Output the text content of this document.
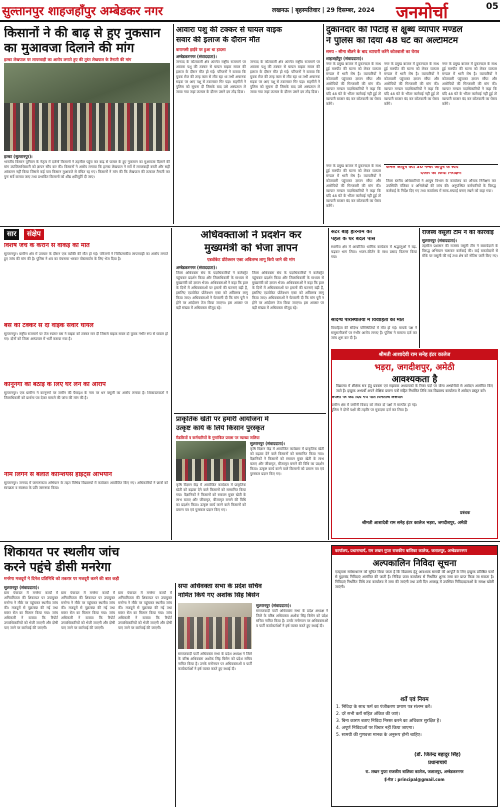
सुल्तानपुर शाहजहाँपुर अम्बेडकर नगर	लखनऊ | बृहस्पतिवार | 29 दिसम्बर, 2024 जनमोर्चा	05
किसानों ने की बाढ़ से हुए नुकसान
का मुआवजा दिलाने की मांग
हल्का लेखपाल पर लापरवाही का आरोप लगाते हुए की तुरंत लेखपाल के तैनाती की मांग
हल्का (सुल्तानपुर)।
भारतीय किसान यूनियन के नेतृत्व में दर्जनों किसानों ने तहसील पहुंच कर बाढ़ से फसल के हुए नुकसान का मुआवजा दिलाने की मांग उपजिलाधिकारी को ज्ञापन सौंप कर की। किसानों ने आरोप लगाया कि हल्का लेखपाल ने सर्वे में लापरवाही बरती और सही आंकलन नहीं किया जिससे कई पात्र किसान मुआवजे से वंचित रह गए। किसानों ने मांग की कि लेखपाल की तत्काल तैनाती कर पुनः सर्वे कराया जाए तथा प्रभावित किसानों को शीघ्र क्षतिपूर्ति दी जाए।
आवारा पशु की टक्कर से घायल वाइक
सवार की इलाज के दौरान मौत
वाराणसी हाईवे पर हुआ था हादसा
अम्बेडकरनगर (संवाददाता)।
जनपद के कोतवाली क्षेत्र अंतर्गत राष्ट्रीय राजमार्ग पर आवारा पशु की टक्कर से घायल बाइक सवार की इलाज के दौरान मौत हो गई। परिजनों ने बताया कि युवक रोज की तरह काम से लौट रहा था तभी अचानक सड़क पर आए पशु से टकराकर गिर पड़ा। राहगीरों ने पुलिस को सूचना दी जिसके बाद उसे अस्पताल ले जाया गया जहां उपचार के दौरान उसने दम तोड़ दिया।
जनपद के कोतवाली क्षेत्र अंतर्गत राष्ट्रीय राजमार्ग पर आवारा पशु की टक्कर से घायल बाइक सवार की इलाज के दौरान मौत हो गई। परिजनों ने बताया कि युवक रोज की तरह काम से लौट रहा था तभी अचानक सड़क पर आए पशु से टकराकर गिर पड़ा। राहगीरों ने पुलिस को सूचना दी जिसके बाद उसे अस्पताल ले जाया गया जहां उपचार के दौरान उसने दम तोड़ दिया।
दुकानदार की पिटाई से क्षुब्ध व्यापार मण्डल
ने पुलिस को दिया 48 घंटे का अल्टीमेटम
समय - सीमा बीतने के बाद व्यापारी करेंगे कोतवाली का घेराव
शाहजहाँपुर (संवाददाता)।
नगर के प्रमुख बाजार में दुकानदार के साथ हुई मारपीट की घटना को लेकर व्यापार मण्डल में भारी रोष है। व्यापारियों ने कोतवाली पहुंचकर ज्ञापन सौंपा और आरोपियों की गिरफ्तारी की मांग की। व्यापार मण्डल पदाधिकारियों ने कहा कि यदि 48 घंटे के भीतर कार्रवाई नहीं हुई तो व्यापारी बाजार बंद कर कोतवाली का घेराव करेंगे।
नगर के प्रमुख बाजार में दुकानदार के साथ हुई मारपीट की घटना को लेकर व्यापार मण्डल में भारी रोष है। व्यापारियों ने कोतवाली पहुंचकर ज्ञापन सौंपा और आरोपियों की गिरफ्तारी की मांग की। व्यापार मण्डल पदाधिकारियों ने कहा कि यदि 48 घंटे के भीतर कार्रवाई नहीं हुई तो व्यापारी बाजार बंद कर कोतवाली का घेराव करेंगे।
नगर के प्रमुख बाजार में दुकानदार के साथ हुई मारपीट की घटना को लेकर व्यापार मण्डल में भारी रोष है। व्यापारियों ने कोतवाली पहुंचकर ज्ञापन सौंपा और आरोपियों की गिरफ्तारी की मांग की। व्यापार मण्डल पदाधिकारियों ने कहा कि यदि 48 घंटे के भीतर कार्रवाई नहीं हुई तो व्यापारी बाजार बंद कर कोतवाली का घेराव करेंगे।
कमल आयुष क्यों 30 नम्बर आयुष के स्वयं
दफ्तर का किया निरीक्षण
जिला स्तरीय अधिकारियों ने आयुष विभाग के कार्यालय का औचक निरीक्षण कर उपस्थिति पंजिका व अभिलेखों की जांच की। अनुपस्थित कर्मचारियों के विरुद्ध कार्रवाई के निर्देश दिए गए तथा कार्यालय में साफ-सफाई बनाए रखने को कहा गया।
नगर के प्रमुख बाजार में दुकानदार के साथ हुई मारपीट की घटना को लेकर व्यापार मण्डल में भारी रोष है। व्यापारियों ने कोतवाली पहुंचकर ज्ञापन सौंपा और आरोपियों की गिरफ्तारी की मांग की। व्यापार मण्डल पदाधिकारियों ने कहा कि यदि 48 घंटे के भीतर कार्रवाई नहीं हुई तो व्यापारी बाजार बंद कर कोतवाली का घेराव करेंगे।
सार	संक्षेप
विशेष जंच के कराने से वाकई की मौत
सुल्तानपुर। ग्रामीण क्षेत्र में उपचार के दौरान एक व्यक्ति की मौत हो गई। परिजनों ने चिकित्सकीय लापरवाही का आरोप लगाते हुए जांच की मांग की है। पुलिस ने शव का पंचनामा भरकर पोस्टमार्टम के लिए भेज दिया है।
बस की टक्कर से दो वाइक सवार घायल
सुल्तानपुर। राष्ट्रीय राजमार्ग पर तेज रफ्तार बस ने बाइक को टक्कर मार दी जिससे बाइक सवार दो युवक गंभीर रूप से घायल हो गए। दोनों को जिला अस्पताल में भर्ती कराया गया है।
कानूनगो को बैठाई के लिए घर लेने का आरोप
सुल्तानपुर। एक ग्रामीण ने कानूनगो पर जमीन की पैमाइश के नाम पर धन वसूली का आरोप लगाया है। शिकायतकर्ता ने जिलाधिकारी को प्रार्थना पत्र देकर मामले की जांच की मांग की है।
नाम लिंगन से बलात कॉन्शियस हाइट्स अभियान
सुल्तानपुर। जनपद में जागरूकता अभियान के तहत विभिन्न विद्यालयों में कार्यक्रम आयोजित किए गए। अधिकारियों ने छात्रों को स्वच्छता व स्वास्थ्य के प्रति जागरूक किया।
अधिवक्ताओं ने प्रदर्शन कर
मुख्यमंत्री को भेजा ज्ञापन
एडवोकेट प्रोटेक्शन एक्ट अविलम्ब लागू किये जाने की मांग
अम्बेडकरनगर (संवाददाता)।
जिला अधिवक्ता संघ के पदाधिकारियों ने कलेक्ट्रेट पहुंचकर प्रदर्शन किया और जिलाधिकारी के माध्यम से मुख्यमंत्री को ज्ञापन भेजा। अधिवक्ताओं ने कहा कि हाल के दिनों में अधिवक्ताओं पर हमलों की घटनाएं बढ़ी हैं, इसलिए एडवोकेट प्रोटेक्शन एक्ट को अविलम्ब लागू किया जाए। अधिवक्ताओं ने चेतावनी दी कि मांग पूरी न होने पर आंदोलन तेज किया जाएगा। इस अवसर पर बड़ी संख्या में अधिवक्ता मौजूद रहे।
जिला अधिवक्ता संघ के पदाधिकारियों ने कलेक्ट्रेट पहुंचकर प्रदर्शन किया और जिलाधिकारी के माध्यम से मुख्यमंत्री को ज्ञापन भेजा। अधिवक्ताओं ने कहा कि हाल के दिनों में अधिवक्ताओं पर हमलों की घटनाएं बढ़ी हैं, इसलिए एडवोकेट प्रोटेक्शन एक्ट को अविलम्ब लागू किया जाए। अधिवक्ताओं ने चेतावनी दी कि मांग पूरी न होने पर आंदोलन तेज किया जाएगा। इस अवसर पर बड़ी संख्या में अधिवक्ता मौजूद रहे।
प्राकृतिक खेती पर हमारी आयोजना में
उत्कृष्ट कार्य के लिये किसान पुरस्कृत
रीडकियों व कर्मचारियों के गुणांकित प्रवास पर व्याख्य जलिया
सुल्तानपुर (संवाददाता)।
कृषि विज्ञान केंद्र में आयोजित कार्यक्रम में प्राकृतिक खेती को बढ़ावा देने वाले किसानों को सम्मानित किया गया। वैज्ञानिकों ने किसानों को रसायन मुक्त खेती के लाभ बताए और जीवामृत, बीजामृत बनाने की विधि का प्रदर्शन किया। उत्कृष्ट कार्य करने वाले किसानों को प्रमाण पत्र एवं पुरस्कार प्रदान किए गए।
कृषि विज्ञान केंद्र में आयोजित कार्यक्रम में प्राकृतिक खेती को बढ़ावा देने वाले किसानों को सम्मानित किया गया। वैज्ञानिकों ने किसानों को रसायन मुक्त खेती के लाभ बताए और जीवामृत, बीजामृत बनाने की विधि का प्रदर्शन किया। उत्कृष्ट कार्य करने वाले किसानों को प्रमाण पत्र एवं पुरस्कार प्रदान किए गए।
सेंटर बाई हरिनाम को
पहले के घर बदले पास
स्थानीय क्षेत्र में आयोजित धार्मिक कार्यक्रम में श्रद्धालुओं ने बढ़-चढ़कर भाग लिया। भजन-कीर्तन के साथ प्रसाद वितरण किया गया।
संदिग्ध परिस्थितियों में विवाहिता की मौत
विवाहिता की संदिग्ध परिस्थितियों में मौत हो गई। मायके पक्ष ने ससुरालीजनों पर गंभीर आरोप लगाए हैं। पुलिस ने मामला दर्ज कर जांच शुरू कर दी है।
जयसी पर कट दिये गये पति विनताश्र लसवार
ग्रामीण क्षेत्र में जमीनी विवाद को लेकर दो पक्षों में मारपीट हो गई। पुलिस ने दोनों पक्षों की तहरीर पर मुकदमा दर्ज कर लिया है।
राजस्व वसूली टीम ने की कार्रवाई
सुल्तानपुर (संवाददाता)।
तहसील प्रशासन की राजस्व वसूली टीम ने बकायेदारों के विरुद्ध अभियान चलाकर कार्रवाई की। कई बकायेदारों से मौके पर वसूली की गई तथा शेष को नोटिस जारी किए गए।
श्रीमती आशादेवी राम सनेह इंटर कालेज
भड़रा, जगदीशपुर, अमेठी
आवश्यकता है
विद्यालय में शैक्षिक सत्र हेतु प्रवक्ता एवं सहायक अध्यापकों के रिक्त पदों पर योग्य अभ्यर्थियों से आवेदन आमंत्रित किए जाते हैं। इच्छुक अभ्यर्थी अपने शैक्षिक प्रमाण पत्रों सहित निर्धारित तिथि तक विद्यालय कार्यालय में आवेदन प्रस्तुत करें।
प्रबंधक
श्रीमती आशादेवी राम सनेह इंटर कालेज भड़रा, जगदीशपुर, अमेठी
शिकायत पर स्थलीय जांच
करने पहुंचे डीसी मनरेगा
मनरेगा मजदूरों ने दिनेश प्रतिनिधि को तकरार पर मजदूरी करने की बात कही
सुल्तानपुर (संवाददाता)।
ग्राम पंचायत में मनरेगा कार्यों में अनियमितता की शिकायत पर उपायुक्त मनरेगा ने मौके पर पहुंचकर स्थलीय जांच की। मजदूरों से पूछताछ की गई तथा मस्टर रोल का मिलान किया गया। जांच अधिकारी ने बताया कि रिपोर्ट उच्चाधिकारियों को भेजी जाएगी और दोषी पाए जाने पर कार्रवाई की जाएगी।
ग्राम पंचायत में मनरेगा कार्यों में अनियमितता की शिकायत पर उपायुक्त मनरेगा ने मौके पर पहुंचकर स्थलीय जांच की। मजदूरों से पूछताछ की गई तथा मस्टर रोल का मिलान किया गया। जांच अधिकारी ने बताया कि रिपोर्ट उच्चाधिकारियों को भेजी जाएगी और दोषी पाए जाने पर कार्रवाई की जाएगी।
ग्राम पंचायत में मनरेगा कार्यों में अनियमितता की शिकायत पर उपायुक्त मनरेगा ने मौके पर पहुंचकर स्थलीय जांच की। मजदूरों से पूछताछ की गई तथा मस्टर रोल का मिलान किया गया। जांच अधिकारी ने बताया कि रिपोर्ट उच्चाधिकारियों को भेजी जाएगी और दोषी पाए जाने पर कार्रवाई की जाएगी।
सपा अधिवक्ता सभा के प्रदेश सचिव
नामित किये गए अशोक सिंह बिसेन
सुल्तानपुर (संवाददाता)।
समाजवादी पार्टी अधिवक्ता सभा के प्रदेश अध्यक्ष ने जिले के वरिष्ठ अधिवक्ता अशोक सिंह बिसेन को प्रदेश सचिव नामित किया है। उनके मनोनयन पर अधिवक्ताओं व पार्टी कार्यकर्ताओं ने हर्ष व्यक्त करते हुए बधाई दी।
समाजवादी पार्टी अधिवक्ता सभा के प्रदेश अध्यक्ष ने जिले के वरिष्ठ अधिवक्ता अशोक सिंह बिसेन को प्रदेश सचिव नामित किया है। उनके मनोनयन पर अधिवक्ताओं व पार्टी कार्यकर्ताओं ने हर्ष व्यक्त करते हुए बधाई दी।
कार्यालय, प्रधानाचार्य, राम लखन गुप्ता राजकीय बालिका कालेज, जलालपुर, अम्बेडकरनगर
अल्पकालिन निविदा सूचना
एतद्द्वारा सर्वसाधारण को सूचित किया जाता है कि विद्यालय हेतु आवश्यक सामग्री की आपूर्ति के लिए इच्छुक प्रतिष्ठित फर्मों से मुहरबंद निविदाएं आमंत्रित की जाती हैं। निविदा प्रपत्र कार्यालय से निर्धारित शुल्क जमा कर प्राप्त किया जा सकता है। निविदाएं निर्धारित तिथि तक कार्यालय में जमा की जाएंगी तथा उसी दिन अपराह्न में उपस्थित निविदादाताओं के समक्ष खोली जाएंगी।
शर्ते एवं नियम
1. निविदा के साथ फर्म का पंजीकरण प्रमाण पत्र संलग्न करें।
2. दरें सभी करों सहित अंकित की जाएं।
3. बिना कारण बताए निविदा निरस्त करने का अधिकार सुरक्षित है।
4. अपूर्ण निविदाओं पर विचार नहीं किया जाएगा।
5. सामग्री की गुणवत्ता मानक के अनुरूप होनी चाहिए।
(डॉ. जितेन्द्र बहादुर सिंह)
प्रधानाचार्य
रा. लखन गुप्ता राजकीय बालिका कालेज, जलालपुर, अम्बेडकरनगर
ई-मेल : principal@gmail.com
